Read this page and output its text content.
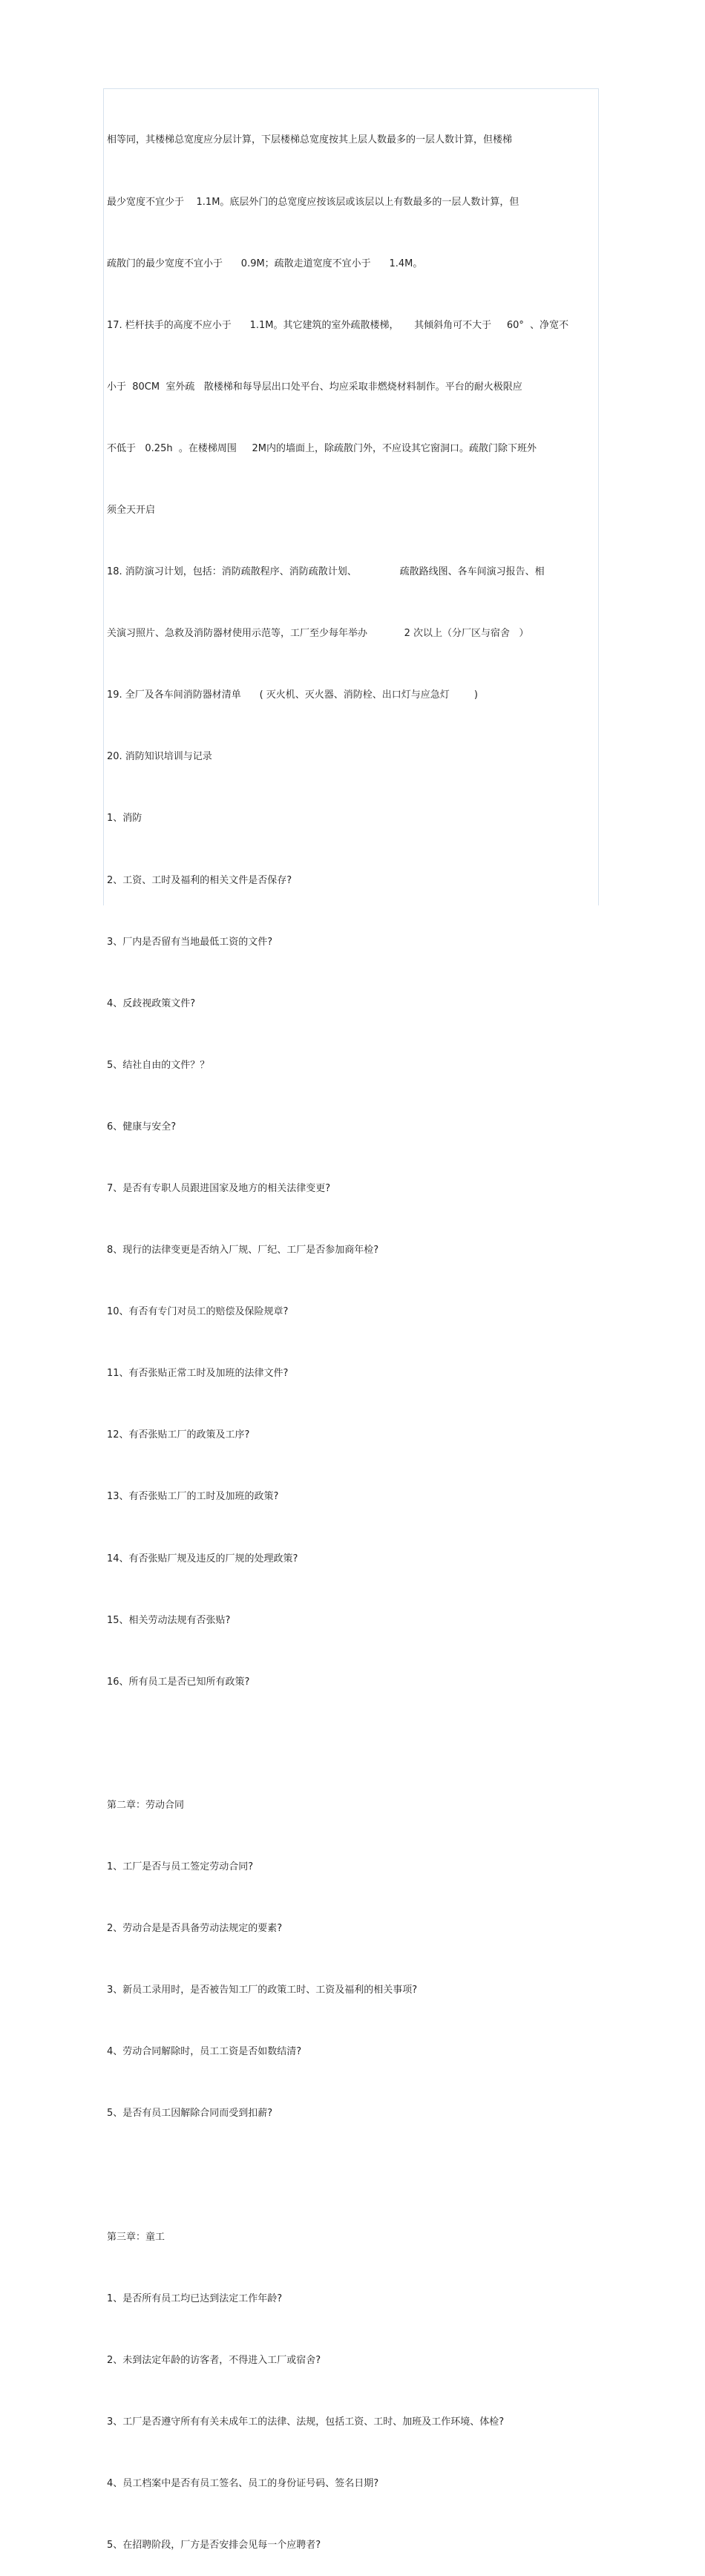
相等同，其楼梯总宽度应分层计算，下层楼梯总宽度按其上层人数最多的一层人数计算，但楼梯

最少宽度不宜少于    1.1M。底层外门的总宽度应按该层或该层以上有数最多的一层人数计算，但

疏散门的最少宽度不宜小于      0.9M；疏散走道宽度不宜小于      1.4M。

17. 栏杆扶手的高度不应小于      1.1M。其它建筑的室外疏散楼梯，     其倾斜角可不大于     60°  、净宽不

小于  80CM  室外疏   散楼梯和每导层出口处平台、均应采取非燃烧材料制作。平台的耐火极限应

不低于   0.25h  。在楼梯周围     2M内的墙面上，除疏散门外，不应设其它窗洞口。疏散门除下班外

须全天开启

18. 消防演习计划，包括：消防疏散程序、消防疏散计划、              疏散路线图、各车间演习报告、相

关演习照片、急救及消防器材使用示范等，工厂至少每年举办            2 次以上（分厂区与宿舍   ）

19. 全厂及各车间消防器材清单      ( 灭火机、灭火器、消防栓、出口灯与应急灯        )

20. 消防知识培训与记录

1、消防

2、工资、工时及福利的相关文件是否保存?

3、厂内是否留有当地最低工资的文件?

4、反歧视政策文件?

5、结社自由的文件？？

6、健康与安全?

7、是否有专职人员跟进国家及地方的相关法律变更?

8、现行的法律变更是否纳入厂规、厂纪、工厂是否参加商年检?

10、有否有专门对员工的赔偿及保险规章?

11、有否张贴正常工时及加班的法律文件?

12、有否张贴工厂的政策及工序?

13、有否张贴工厂的工时及加班的政策?

14、有否张贴厂规及违反的厂规的处理政策?

15、相关劳动法规有否张贴?

16、所有员工是否已知所有政策?

第二章：劳动合同

1、工厂是否与员工签定劳动合同?

2、劳动合是是否具备劳动法规定的要素?

3、新员工录用时，是否被告知工厂的政策工时、工资及福利的相关事项?

4、劳动合同解除时，员工工资是否如数结清?

5、是否有员工因解除合同而受到扣薪?

第三章：童工

1、是否所有员工均已达到法定工作年龄?

2、未到法定年龄的访客者，不得进入工厂或宿舍?

3、工厂是否遵守所有有关未成年工的法律、法规，包括工资、工时、加班及工作环境、体检?

4、员工档案中是否有员工签名、员工的身份证号码、签名日期?

5、在招聘阶段，厂方是否安排会见每一个应聘者?
